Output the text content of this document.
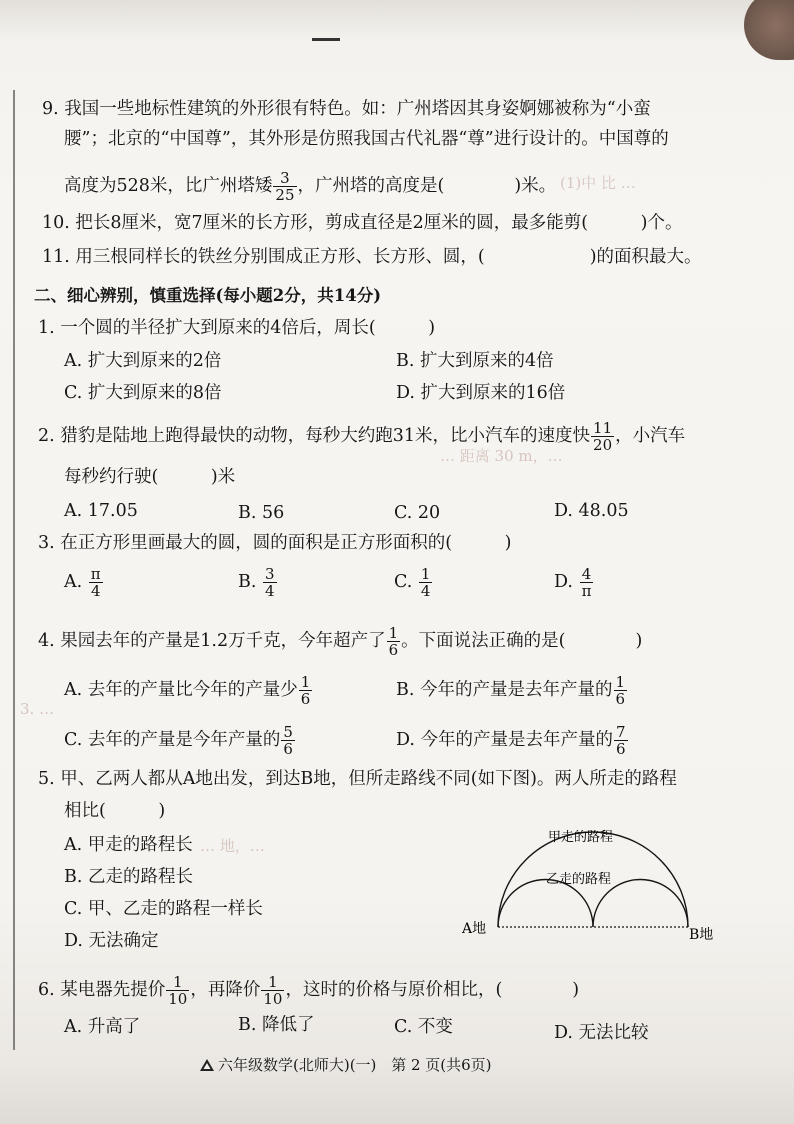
(1)中 比 …
… 距离 30 m，…
3. …
… 地，…
9. 我国一些地标性建筑的外形很有特色。如：广州塔因其身姿婀娜被称为“小蛮
腰”；北京的“中国尊”，其外形是仿照我国古代礼器“尊”进行设计的。中国尊的
高度为528米，比广州塔矮 $\frac{3}{25}$ ，广州塔的高度是(　　　　)米。
10. 把长8厘米，宽7厘米的长方形，剪成直径是2厘米的圆，最多能剪(　　　)个。
11. 用三根同样长的铁丝分别围成正方形、长方形、圆，(　　　　　　)的面积最大。
二、细心辨别，慎重选择(每小题2分，共14分)
1. 一个圆的半径扩大到原来的4倍后，周长(　　　)
A. 扩大到原来的2倍	B. 扩大到原来的4倍
C. 扩大到原来的8倍	D. 扩大到原来的16倍
2. 猎豹是陆地上跑得最快的动物，每秒大约跑31米，比小汽车的速度快 $\frac{11}{20}$ ，小汽车
每秒约行驶(　　　)米
A. 17.05	B. 56	C. 20	D. 48.05
3. 在正方形里画最大的圆，圆的面积是正方形面积的(　　　)
A. $\frac{\pi}{4}$	B. $\frac{3}{4}$	C. $\frac{1}{4}$	D. $\frac{4}{\pi}$
4. 果园去年的产量是1.2万千克，今年超产了 $\frac{1}{6}$ 。下面说法正确的是(　　　　)
A. 去年的产量比今年的产量少 $\frac{1}{6}$	B. 今年的产量是去年产量的 $\frac{1}{6}$
C. 去年的产量是今年产量的 $\frac{5}{6}$	D. 今年的产量是去年产量的 $\frac{7}{6}$
5. 甲、乙两人都从A地出发，到达B地，但所走路线不同(如下图)。两人所走的路程
相比(　　　)
A. 甲走的路程长
B. 乙走的路程长
C. 甲、乙走的路程一样长
D. 无法确定
甲走的路程
乙走的路程
A地	B地
6. 某电器先提价 $\frac{1}{10}$ ，再降价 $\frac{1}{10}$ ，这时的价格与原价相比，(　　　　)
A. 升高了	B. 降低了	C. 不变	D. 无法比较
六年级数学(北师大)(一) 第 2 页(共6页)
